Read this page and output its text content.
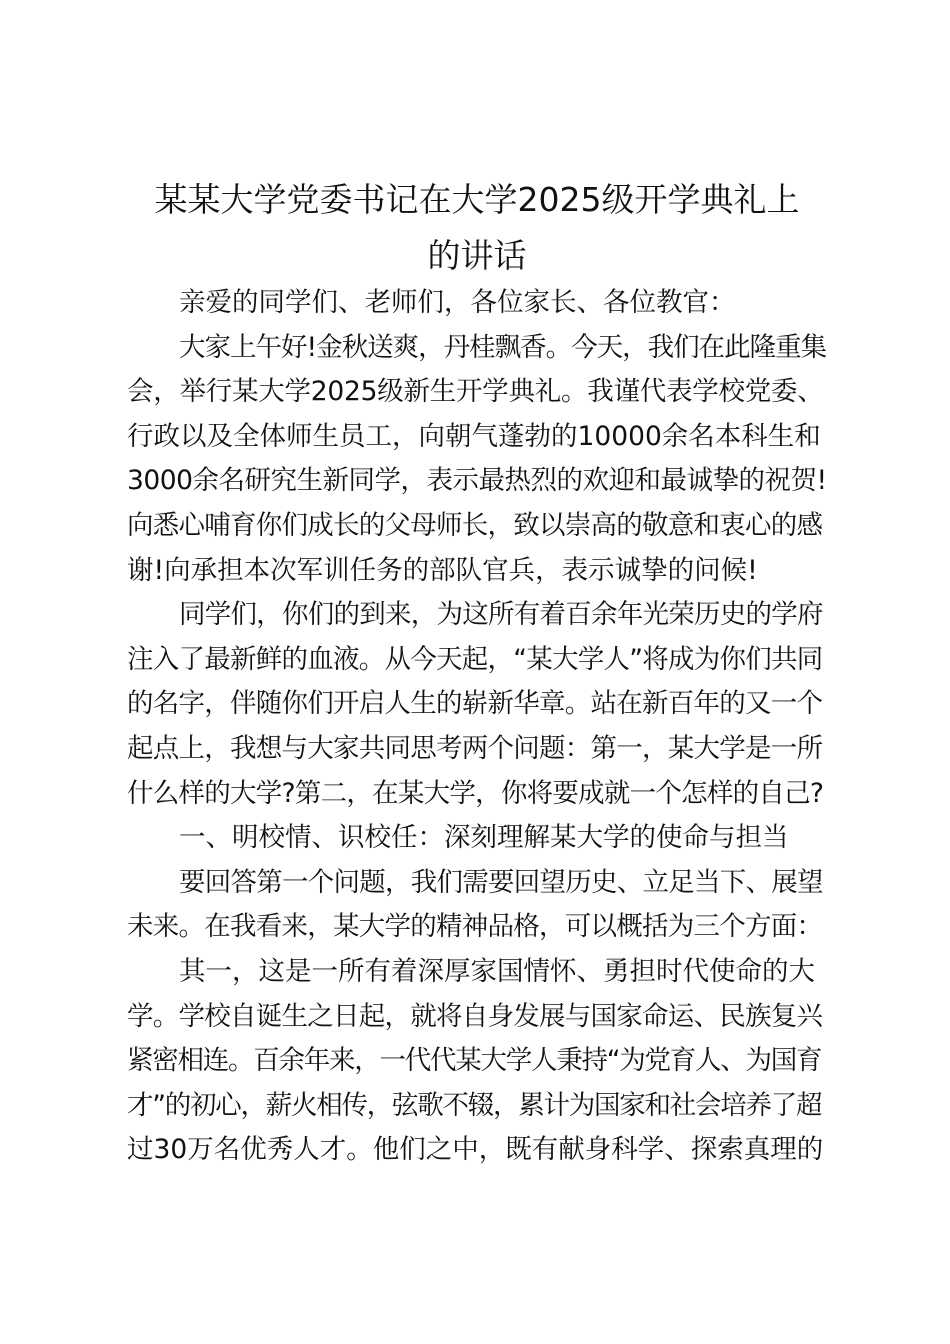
某某大学党委书记在大学2025级开学典礼上
的讲话
亲爱的同学们、老师们，各位家长、各位教官：
大家上午好!金秋送爽，丹桂飘香。今天，我们在此隆重集
会，举行某大学2025级新生开学典礼。我谨代表学校党委、
行政以及全体师生员工，向朝气蓬勃的10000余名本科生和
3000余名研究生新同学，表示最热烈的欢迎和最诚挚的祝贺!
向悉心哺育你们成长的父母师长，致以崇高的敬意和衷心的感
谢!向承担本次军训任务的部队官兵，表示诚挚的问候!
同学们，你们的到来，为这所有着百余年光荣历史的学府
注入了最新鲜的血液。从今天起，“某大学人”将成为你们共同
的名字，伴随你们开启人生的崭新华章。站在新百年的又一个
起点上，我想与大家共同思考两个问题：第一，某大学是一所
什么样的大学?第二，在某大学，你将要成就一个怎样的自己?
一、明校情、识校任：深刻理解某大学的使命与担当
要回答第一个问题，我们需要回望历史、立足当下、展望
未来。在我看来，某大学的精神品格，可以概括为三个方面：
其一，这是一所有着深厚家国情怀、勇担时代使命的大
学。学校自诞生之日起，就将自身发展与国家命运、民族复兴
紧密相连。百余年来，一代代某大学人秉持“为党育人、为国育
才”的初心，薪火相传，弦歌不辍，累计为国家和社会培养了超
过30万名优秀人才。他们之中，既有献身科学、探索真理的
